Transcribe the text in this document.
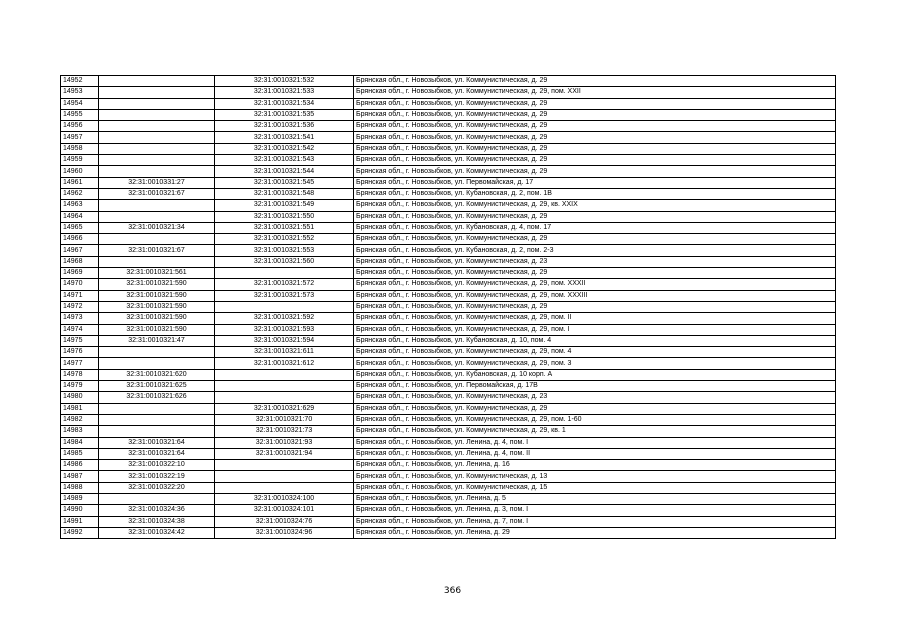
14952		32:31:0010321:532	Брянская обл., г. Новозыбков, ул. Коммунистическая, д. 29
14953		32:31:0010321:533	Брянская обл., г. Новозыбков, ул. Коммунистическая, д. 29, пом. XXII
14954		32:31:0010321:534	Брянская обл., г. Новозыбков, ул. Коммунистическая, д. 29
14955		32:31:0010321:535	Брянская обл., г. Новозыбков, ул. Коммунистическая, д. 29
14956		32:31:0010321:536	Брянская обл., г. Новозыбков, ул. Коммунистическая, д. 29
14957		32:31:0010321:541	Брянская обл., г. Новозыбков, ул. Коммунистическая, д. 29
14958		32:31:0010321:542	Брянская обл., г. Новозыбков, ул. Коммунистическая, д. 29
14959		32:31:0010321:543	Брянская обл., г. Новозыбков, ул. Коммунистическая, д. 29
14960		32:31:0010321:544	Брянская обл., г. Новозыбков, ул. Коммунистическая, д. 29
14961	32:31:0010331:27	32:31:0010321:545	Брянская обл., г. Новозыбков, ул. Первомайская, д. 17
14962	32:31:0010321:67	32:31:0010321:548	Брянская обл., г. Новозыбков, ул. Кубановская, д. 2, пом. 1В
14963		32:31:0010321:549	Брянская обл., г. Новозыбков, ул. Коммунистическая, д. 29, кв. XXIX
14964		32:31:0010321:550	Брянская обл., г. Новозыбков, ул. Коммунистическая, д. 29
14965	32:31:0010321:34	32:31:0010321:551	Брянская обл., г. Новозыбков, ул. Кубановская, д. 4, пом. 17
14966		32:31:0010321:552	Брянская обл., г. Новозыбков, ул. Коммунистическая, д. 29
14967	32:31:0010321:67	32:31:0010321:553	Брянская обл., г. Новозыбков, ул. Кубановская, д. 2, пом. 2-3
14968		32:31:0010321:560	Брянская обл., г. Новозыбков, ул. Коммунистическая, д. 23
14969	32:31:0010321:561		Брянская обл., г. Новозыбков, ул. Коммунистическая, д. 29
14970	32:31:0010321:590	32:31:0010321:572	Брянская обл., г. Новозыбков, ул. Коммунистическая, д. 29, пом. XXXII
14971	32:31:0010321:590	32:31:0010321:573	Брянская обл., г. Новозыбков, ул. Коммунистическая, д. 29, пом. XXXIII
14972	32:31:0010321:590		Брянская обл., г. Новозыбков, ул. Коммунистическая, д. 29
14973	32:31:0010321:590	32:31:0010321:592	Брянская обл., г. Новозыбков, ул. Коммунистическая, д. 29, пом. II
14974	32:31:0010321:590	32:31:0010321:593	Брянская обл., г. Новозыбков, ул. Коммунистическая, д. 29, пом. I
14975	32:31:0010321:47	32:31:0010321:594	Брянская обл., г. Новозыбков, ул. Кубановская, д. 10, пом. 4
14976		32:31:0010321:611	Брянская обл., г. Новозыбков, ул. Коммунистическая, д. 29, пом. 4
14977		32:31:0010321:612	Брянская обл., г. Новозыбков, ул. Коммунистическая, д. 29, пом. 3
14978	32:31:0010321:620		Брянская обл., г. Новозыбков, ул. Кубановская, д. 10 корп. А
14979	32:31:0010321:625		Брянская обл., г. Новозыбков, ул. Первомайская, д. 17В
14980	32:31:0010321:626		Брянская обл., г. Новозыбков, ул. Коммунистическая, д. 23
14981		32:31:0010321:629	Брянская обл., г. Новозыбков, ул. Коммунистическая, д. 29
14982		32:31:0010321:70	Брянская обл., г. Новозыбков, ул. Коммунистическая, д. 29, пом. 1-60
14983		32:31:0010321:73	Брянская обл., г. Новозыбков, ул. Коммунистическая, д. 29, кв. 1
14984	32:31:0010321:64	32:31:0010321:93	Брянская обл., г. Новозыбков, ул. Ленина, д. 4, пом. I
14985	32:31:0010321:64	32:31:0010321:94	Брянская обл., г. Новозыбков, ул. Ленина, д. 4, пом. II
14986	32:31:0010322:10		Брянская обл., г. Новозыбков, ул. Ленина, д. 16
14987	32:31:0010322:19		Брянская обл., г. Новозыбков, ул. Коммунистическая, д. 13
14988	32:31:0010322:20		Брянская обл., г. Новозыбков, ул. Коммунистическая, д. 15
14989		32:31:0010324:100	Брянская обл., г. Новозыбков, ул. Ленина, д. 5
14990	32:31:0010324:36	32:31:0010324:101	Брянская обл., г. Новозыбков, ул. Ленина, д. 3, пом. I
14991	32:31:0010324:38	32:31:0010324:76	Брянская обл., г. Новозыбков, ул. Ленина, д. 7, пом. I
14992	32:31:0010324:42	32:31:0010324:96	Брянская обл., г. Новозыбков, ул. Ленина, д. 29
366
